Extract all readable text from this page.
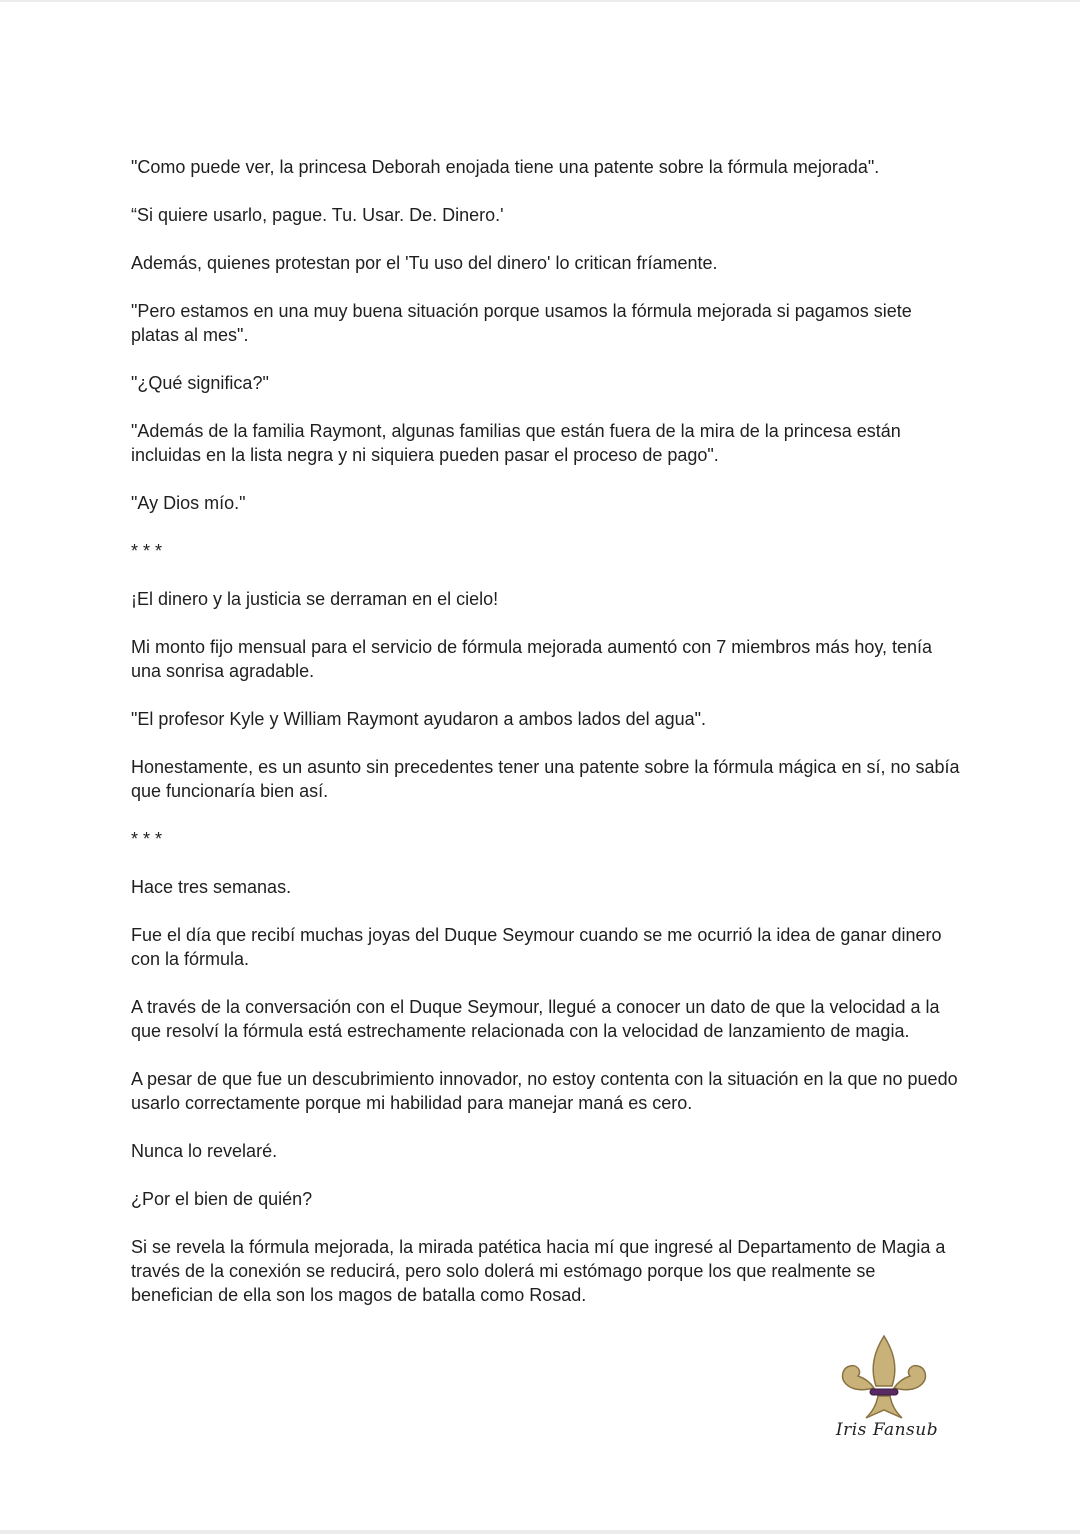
"Como puede ver, la princesa Deborah enojada tiene una patente sobre la fórmula mejorada".

“Si quiere usarlo, pague. Tu. Usar. De. Dinero.'

Además, quienes protestan por el 'Tu uso del dinero' lo critican fríamente.

"Pero estamos en una muy buena situación porque usamos la fórmula mejorada si pagamos siete platas al mes".

"¿Qué significa?"

"Además de la familia Raymont, algunas familias que están fuera de la mira de la princesa están incluidas en la lista negra y ni siquiera pueden pasar el proceso de pago".

"Ay Dios mío."

* * *

¡El dinero y la justicia se derraman en el cielo!

Mi monto fijo mensual para el servicio de fórmula mejorada aumentó con 7 miembros más hoy, tenía una sonrisa agradable.

"El profesor Kyle y William Raymont ayudaron a ambos lados del agua".

Honestamente, es un asunto sin precedentes tener una patente sobre la fórmula mágica en sí, no sabía que funcionaría bien así.

* * *

Hace tres semanas.

Fue el día que recibí muchas joyas del Duque Seymour cuando se me ocurrió la idea de ganar dinero con la fórmula.

A través de la conversación con el Duque Seymour, llegué a conocer un dato de que la velocidad a la que resolví la fórmula está estrechamente relacionada con la velocidad de lanzamiento de magia.

A pesar de que fue un descubrimiento innovador, no estoy contenta con la situación en la que no puedo usarlo correctamente porque mi habilidad para manejar maná es cero.

Nunca lo revelaré.

¿Por el bien de quién?

Si se revela la fórmula mejorada, la mirada patética hacia mí que ingresé al Departamento de Magia a través de la conexión se reducirá, pero solo dolerá mi estómago porque los que realmente se benefician de ella son los magos de batalla como Rosad.

Iris Fansub
